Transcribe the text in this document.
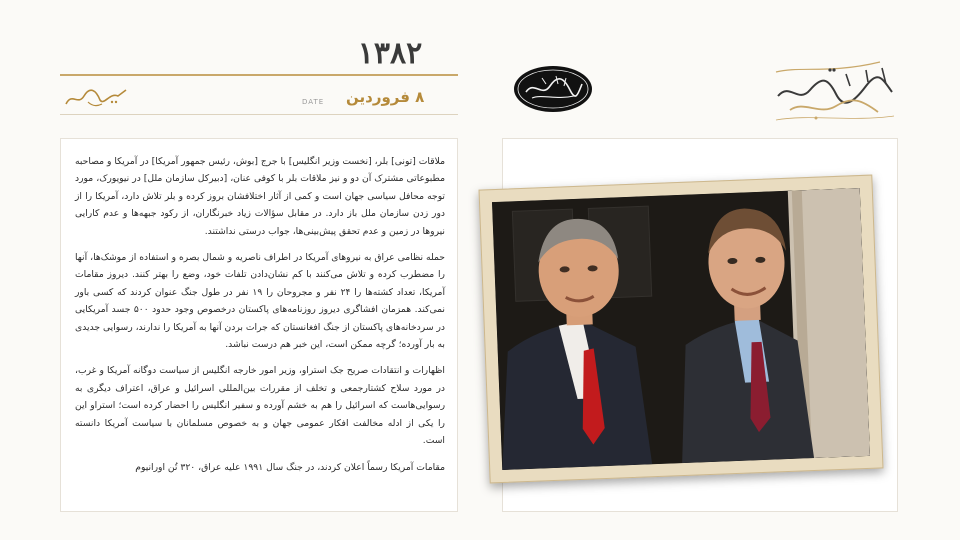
۱۳۸۲
۸ فروردین
DATE

ملاقات [تونی] بلر، [نخست وزیر انگلیس] با جرج [بوش، رئیس جمهور آمریکا] در آمریکا و مصاحبه مطبوعاتی مشترک آن دو و نیز ملاقات بلر با کوفی عنان، [دبیرکل سازمان ملل] در نیویورک، مورد توجه محافل سیاسی جهان است و کمی از آثار اختلافشان بروز کرده و بلر تلاش دارد، آمریکا را از دور زدن سازمان ملل باز دارد. در مقابل سؤالات زیاد خبرنگاران، از رکود جبهه‌ها و عدم کارایی نیروها در زمین و عدم تحقق پیش‌بینی‌ها، جواب درستی نداشتند.

حمله نظامی عراق به نیروهای آمریکا در اطراف ناصریه و شمال بصره و استفاده از موشک‌ها، آنها را مضطرب کرده و تلاش می‌کنند با کم نشان‌دادن تلفات خود، وضع را بهتر کنند. دیروز مقامات آمریکا، تعداد کشته‌ها را ۲۴ نفر و مجروحان را ۱۹ نفر در طول جنگ عنوان کردند که کسی باور نمی‌کند. همزمان افشاگری دیروز روزنامه‌های پاکستان درخصوص وجود حدود ۵۰۰ جسد آمریکایی در سردخانه‌های پاکستان از جنگ افغانستان که جرات بردن آنها به آمریکا را ندارند، رسوایی جدیدی به بار آورده؛ گرچه ممکن است، این خبر هم درست نباشد.

اظهارات و انتقادات صریح جک استراو، وزیر امور خارجه انگلیس از سیاست دوگانه آمریکا و غرب، در مورد سلاح کشتارجمعی و تخلف از مقررات بین‌المللی اسرائیل و عراق، اعتراف دیگری به رسوایی‌هاست که اسرائیل را هم به خشم آورده و سفیر انگلیس را احضار کرده است؛ استراو این را یکی از ادله مخالفت افکار عمومی جهان و به خصوص مسلمانان با سیاست آمریکا دانسته است.

مقامات آمریکا رسماً اعلان کردند، در جنگ سال ۱۹۹۱ علیه عراق، ۳۲۰ تُن اورانیوم
